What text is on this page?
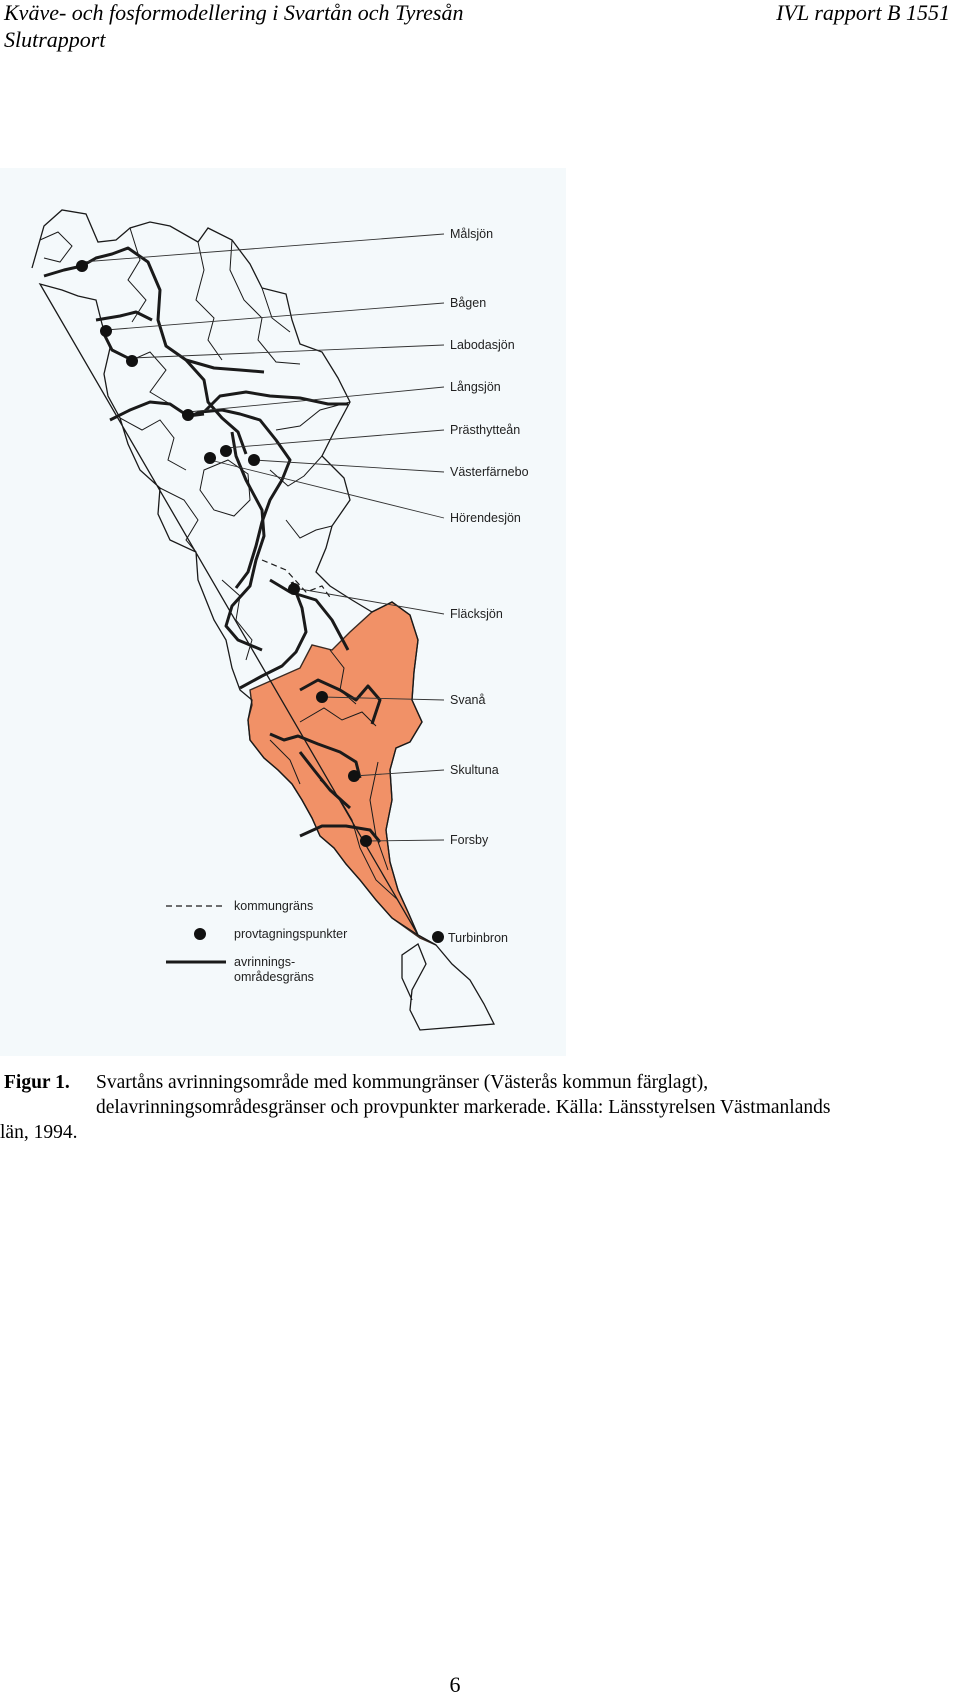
Kväve- och fosformodellering i Svartån och Tyresån	IVL rapport B 1551
Slutrapport
Målsjön
Bågen
Labodasjön
Långsjön
Prästhytteån
Västerfärnebo
Hörendesjön
Fläcksjön
Svanå
Skultuna
Forsby
Turbinbron
kommungräns
provtagningspunkter
avrinnings-
områdesgräns
Figur 1. Svartåns avrinningsområde med kommungränser (Västerås kommun färglagt),
delavrinningsområdesgränser och provpunkter markerade. Källa: Länsstyrelsen Västmanlands
län, 1994.
6
